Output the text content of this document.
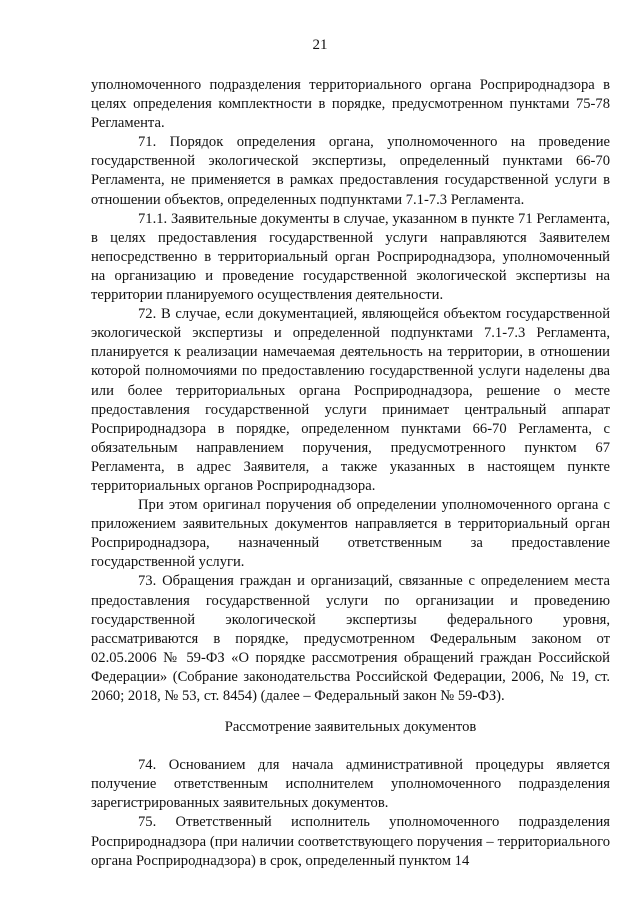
21

уполномоченного подразделения территориального органа Росприроднадзора в целях определения комплектности в порядке, предусмотренном пунктами 75-78 Регламента.

71. Порядок определения органа, уполномоченного на проведение государственной экологической экспертизы, определенный пунктами 66-70 Регламента, не применяется в рамках предоставления государственной услуги в отношении объектов, определенных подпунктами 7.1-7.3 Регламента.

71.1. Заявительные документы в случае, указанном в пункте 71 Регламента, в целях предоставления государственной услуги направляются Заявителем непосредственно в территориальный орган Росприроднадзора, уполномоченный на организацию и проведение государственной экологической экспертизы на территории планируемого осуществления деятельности.

72. В случае, если документацией, являющейся объектом государственной экологической экспертизы и определенной подпунктами 7.1-7.3 Регламента, планируется к реализации намечаемая деятельность на территории, в отношении которой полномочиями по предоставлению государственной услуги наделены два или более территориальных органа Росприроднадзора, решение о месте предоставления государственной услуги принимает центральный аппарат Росприроднадзора в порядке, определенном пунктами 66-70 Регламента, с обязательным направлением поручения, предусмотренного пунктом 67 Регламента, в адрес Заявителя, а также указанных в настоящем пункте территориальных органов Росприроднадзора.

При этом оригинал поручения об определении уполномоченного органа с приложением заявительных документов направляется в территориальный орган Росприроднадзора, назначенный ответственным за предоставление государственной услуги.

73. Обращения граждан и организаций, связанные с определением места предоставления государственной услуги по организации и проведению государственной экологической экспертизы федерального уровня, рассматриваются в порядке, предусмотренном Федеральным законом от 02.05.2006 № 59-ФЗ «О порядке рассмотрения обращений граждан Российской Федерации» (Собрание законодательства Российской Федерации, 2006, № 19, ст. 2060; 2018, № 53, ст. 8454) (далее – Федеральный закон № 59-ФЗ).

Рассмотрение заявительных документов

74. Основанием для начала административной процедуры является получение ответственным исполнителем уполномоченного подразделения зарегистрированных заявительных документов.

75. Ответственный исполнитель уполномоченного подразделения Росприроднадзора (при наличии соответствующего поручения – территориального органа Росприроднадзора) в срок, определенный пунктом 14
